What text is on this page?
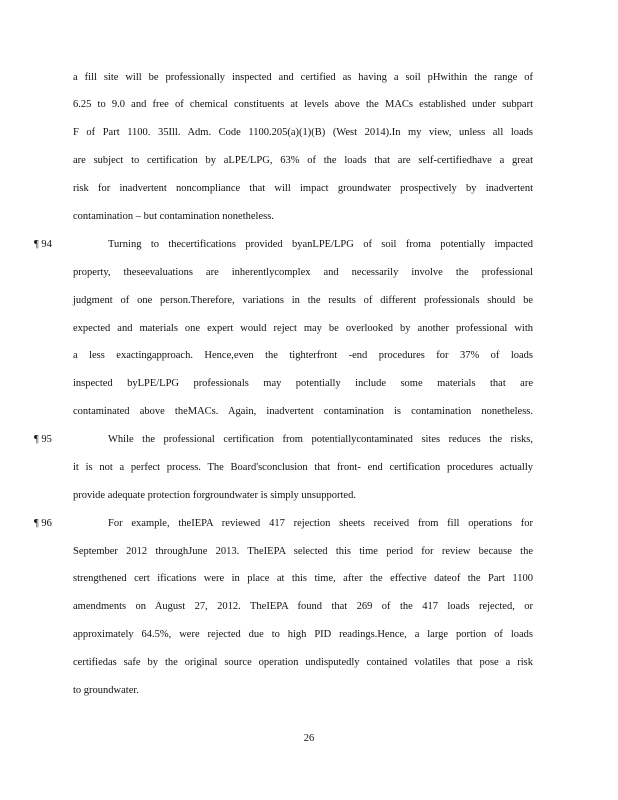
a fill site will be professionally inspected and certified as having a soil pHwithin the range of
6.25 to 9.0 and free of chemical constituents at levels above the MACs established under subpart
F of Part 1100. 35Ill. Adm. Code 1100.205(a)(1)(B) (West 2014).In my view, unless all loads
are subject to certification by aLPE/LPG, 63% of the loads that are self-certifiedhave a great
risk for inadvertent noncompliance that will impact groundwater prospectively by inadvertent
contamination – but contamination nonetheless.
¶ 94	Turning to thecertifications provided byanLPE/LPG of soil froma potentially impacted
property, theseevaluations are inherentlycomplex and necessarily involve the professional
judgment of one person.Therefore, variations in the results of different professionals should be
expected and materials one expert would reject may be overlooked by another professional with
a less exactingapproach. Hence,even the tighterfront -end procedures for 37% of loads
inspected byLPE/LPG professionals may potentially include some materials that are
contaminated above theMACs. Again, inadvertent contamination is contamination nonetheless.
¶ 95	While the professional certification from potentiallycontaminated sites reduces the risks,
it is not a perfect process. The Board'sconclusion that front- end certification procedures actually
provide adequate protection forgroundwater is simply unsupported.
¶ 96	For example, theIEPA reviewed 417 rejection sheets received from fill operations for
September 2012 throughJune 2013. TheIEPA selected this time period for review because the
strengthened cert ifications were in place at this time, after the effective dateof the Part 1100
amendments on August 27, 2012. TheIEPA found that 269 of the 417 loads rejected, or
approximately 64.5%, were rejected due to high PID readings.Hence, a large portion of loads
certifiedas safe by the original source operation undisputedly contained volatiles that pose a risk
to groundwater.
26
